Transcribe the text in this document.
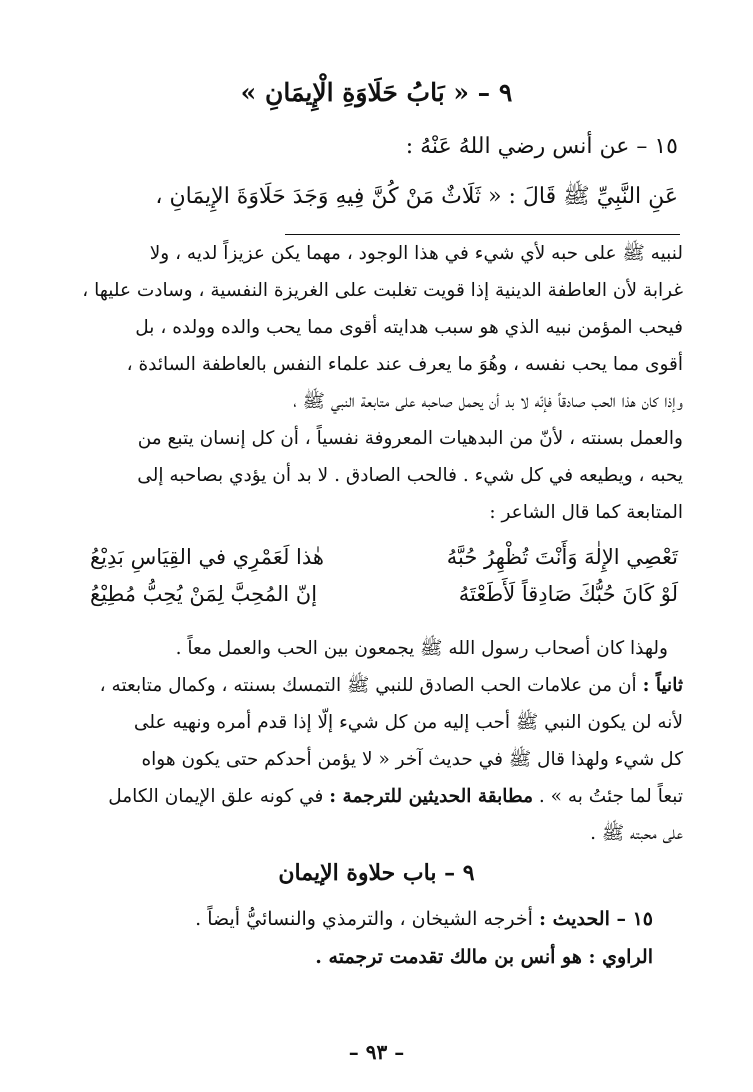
٩ – « بَابُ حَلَاوَةِ الْإِيمَانِ »
١٥ – عن أنس رضي اللهُ عَنْهُ :
عَنِ النَّبِيِّ ﷺ قَالَ : « ثَلَاثٌ مَنْ كُنَّ فِيهِ وَجَدَ حَلَاوَةَ الإِيمَانِ ،
لنبيه ﷺ على حبه لأي شيء في هذا الوجود ، مهما يكن عزيزاً لديه ، ولا
غرابة لأن العاطفة الدينية إذا قويت تغلبت على الغريزة النفسية ، وسادت عليها ،
فيحب المؤمن نبيه الذي هو سبب هدايته أقوى مما يحب والده وولده ، بل
أقوى مما يحب نفسه ، وهُوَ ما يعرف عند علماء النفس بالعاطفة السائدة ،
وإذا كان هذا الحب صادقاً فإنّه لا بد أن يحمل صاحبه على متابعة النبي ﷺ ،
والعمل بسنته ، لأنّ من البدهيات المعروفة نفسياً ، أن كل إنسان يتبع من
يحبه ، ويطيعه في كل شيء . فالحب الصادق . لا بد أن يؤدي بصاحبه إلى
المتابعة كما قال الشاعر :
تَعْصِي الإِلٰهَ وَأَنْتَ تُظْهِرُ حُبَّهُ
هٰذا لَعَمْرِي في القِيَاسِ بَدِيْعُ
لَوْ كَانَ حُبُّكَ صَادِقاً لَأَطَعْتَهُ
إنّ المُحِبَّ لِمَنْ يُحِبُّ مُطِيْعُ
ولهذا كان أصحاب رسول الله ﷺ يجمعون بين الحب والعمل معاً .
ثانياً : أن من علامات الحب الصادق للنبي ﷺ التمسك بسنته ، وكمال متابعته ،
لأنه لن يكون النبي ﷺ أحب إليه من كل شيء إلّا إذا قدم أمره ونهيه على
كل شيء ولهذا قال ﷺ في حديث آخر « لا يؤمن أحدكم حتى يكون هواه
تبعاً لما جئتُ به » . مطابقة الحديثين للترجمة : في كونه علق الإيمان الكامل
على محبته ﷺ .
٩ – باب حلاوة الإيمان
١٥ – الحديث : أخرجه الشيخان ، والترمذي والنسائيُّ أيضاً .
الراوي : هو أنس بن مالك تقدمت ترجمته .
– ٩٣ –
